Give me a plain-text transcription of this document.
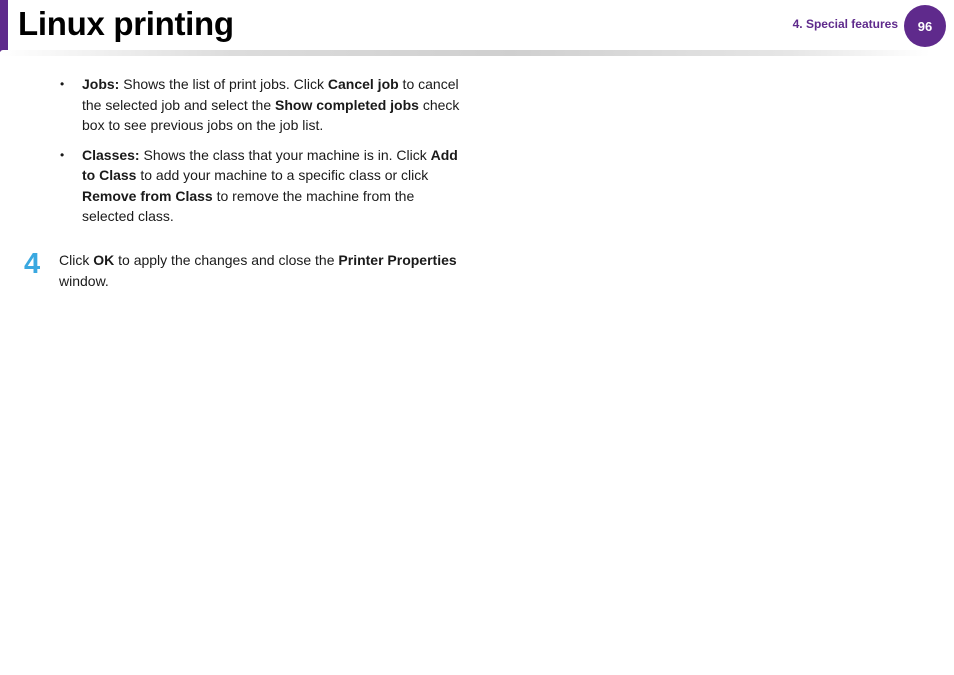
Linux printing	4. Special features	96
• Jobs: Shows the list of print jobs. Click Cancel job to cancel the selected job and select the Show completed jobs check box to see previous jobs on the job list.
• Classes: Shows the class that your machine is in. Click Add to Class to add your machine to a specific class or click Remove from Class to remove the machine from the selected class.
4 Click OK to apply the changes and close the Printer Properties window.
